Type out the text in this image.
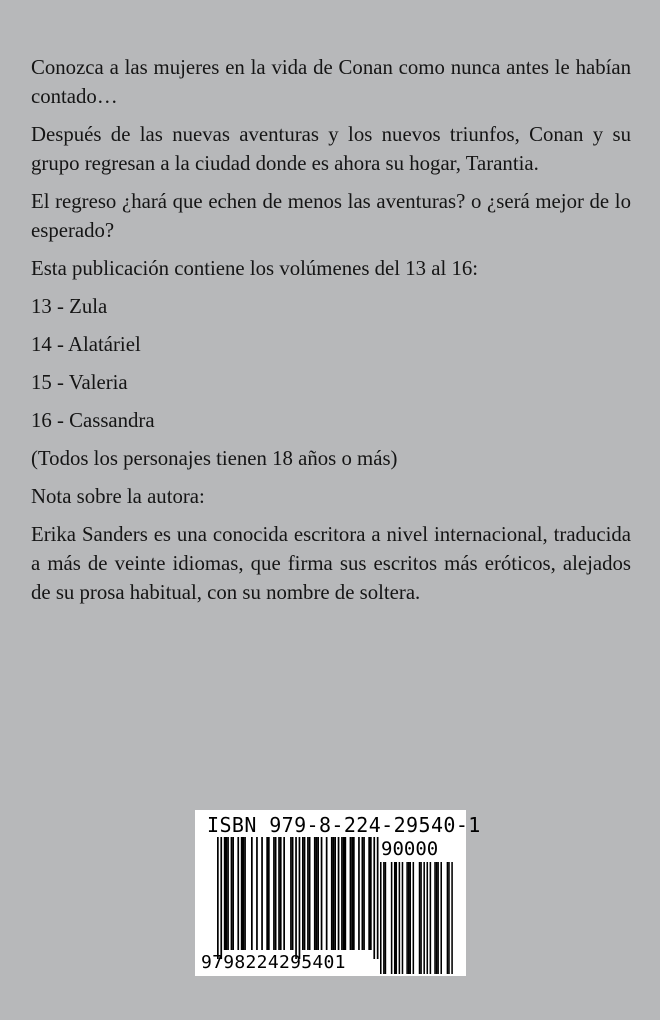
Conozca a las mujeres en la vida de Conan como nunca antes le habían contado…

Después de las nuevas aventuras y los nuevos triunfos, Conan y su grupo regresan a la ciudad donde es ahora su hogar, Tarantia.

El regreso ¿hará que echen de menos las aventuras? o ¿será mejor de lo esperado?

Esta publicación contiene los volúmenes del 13 al 16:

13 - Zula

14 - Alatáriel

15 - Valeria

16 - Cassandra

(Todos los personajes tienen 18 años o más)

Nota sobre la autora:

Erika Sanders es una conocida escritora a nivel internacional, traducida a más de veinte idiomas, que firma sus escritos más eróticos, alejados de su prosa habitual, con su nombre de soltera.

ISBN 979-8-224-29540-1
90000
9798224295401
